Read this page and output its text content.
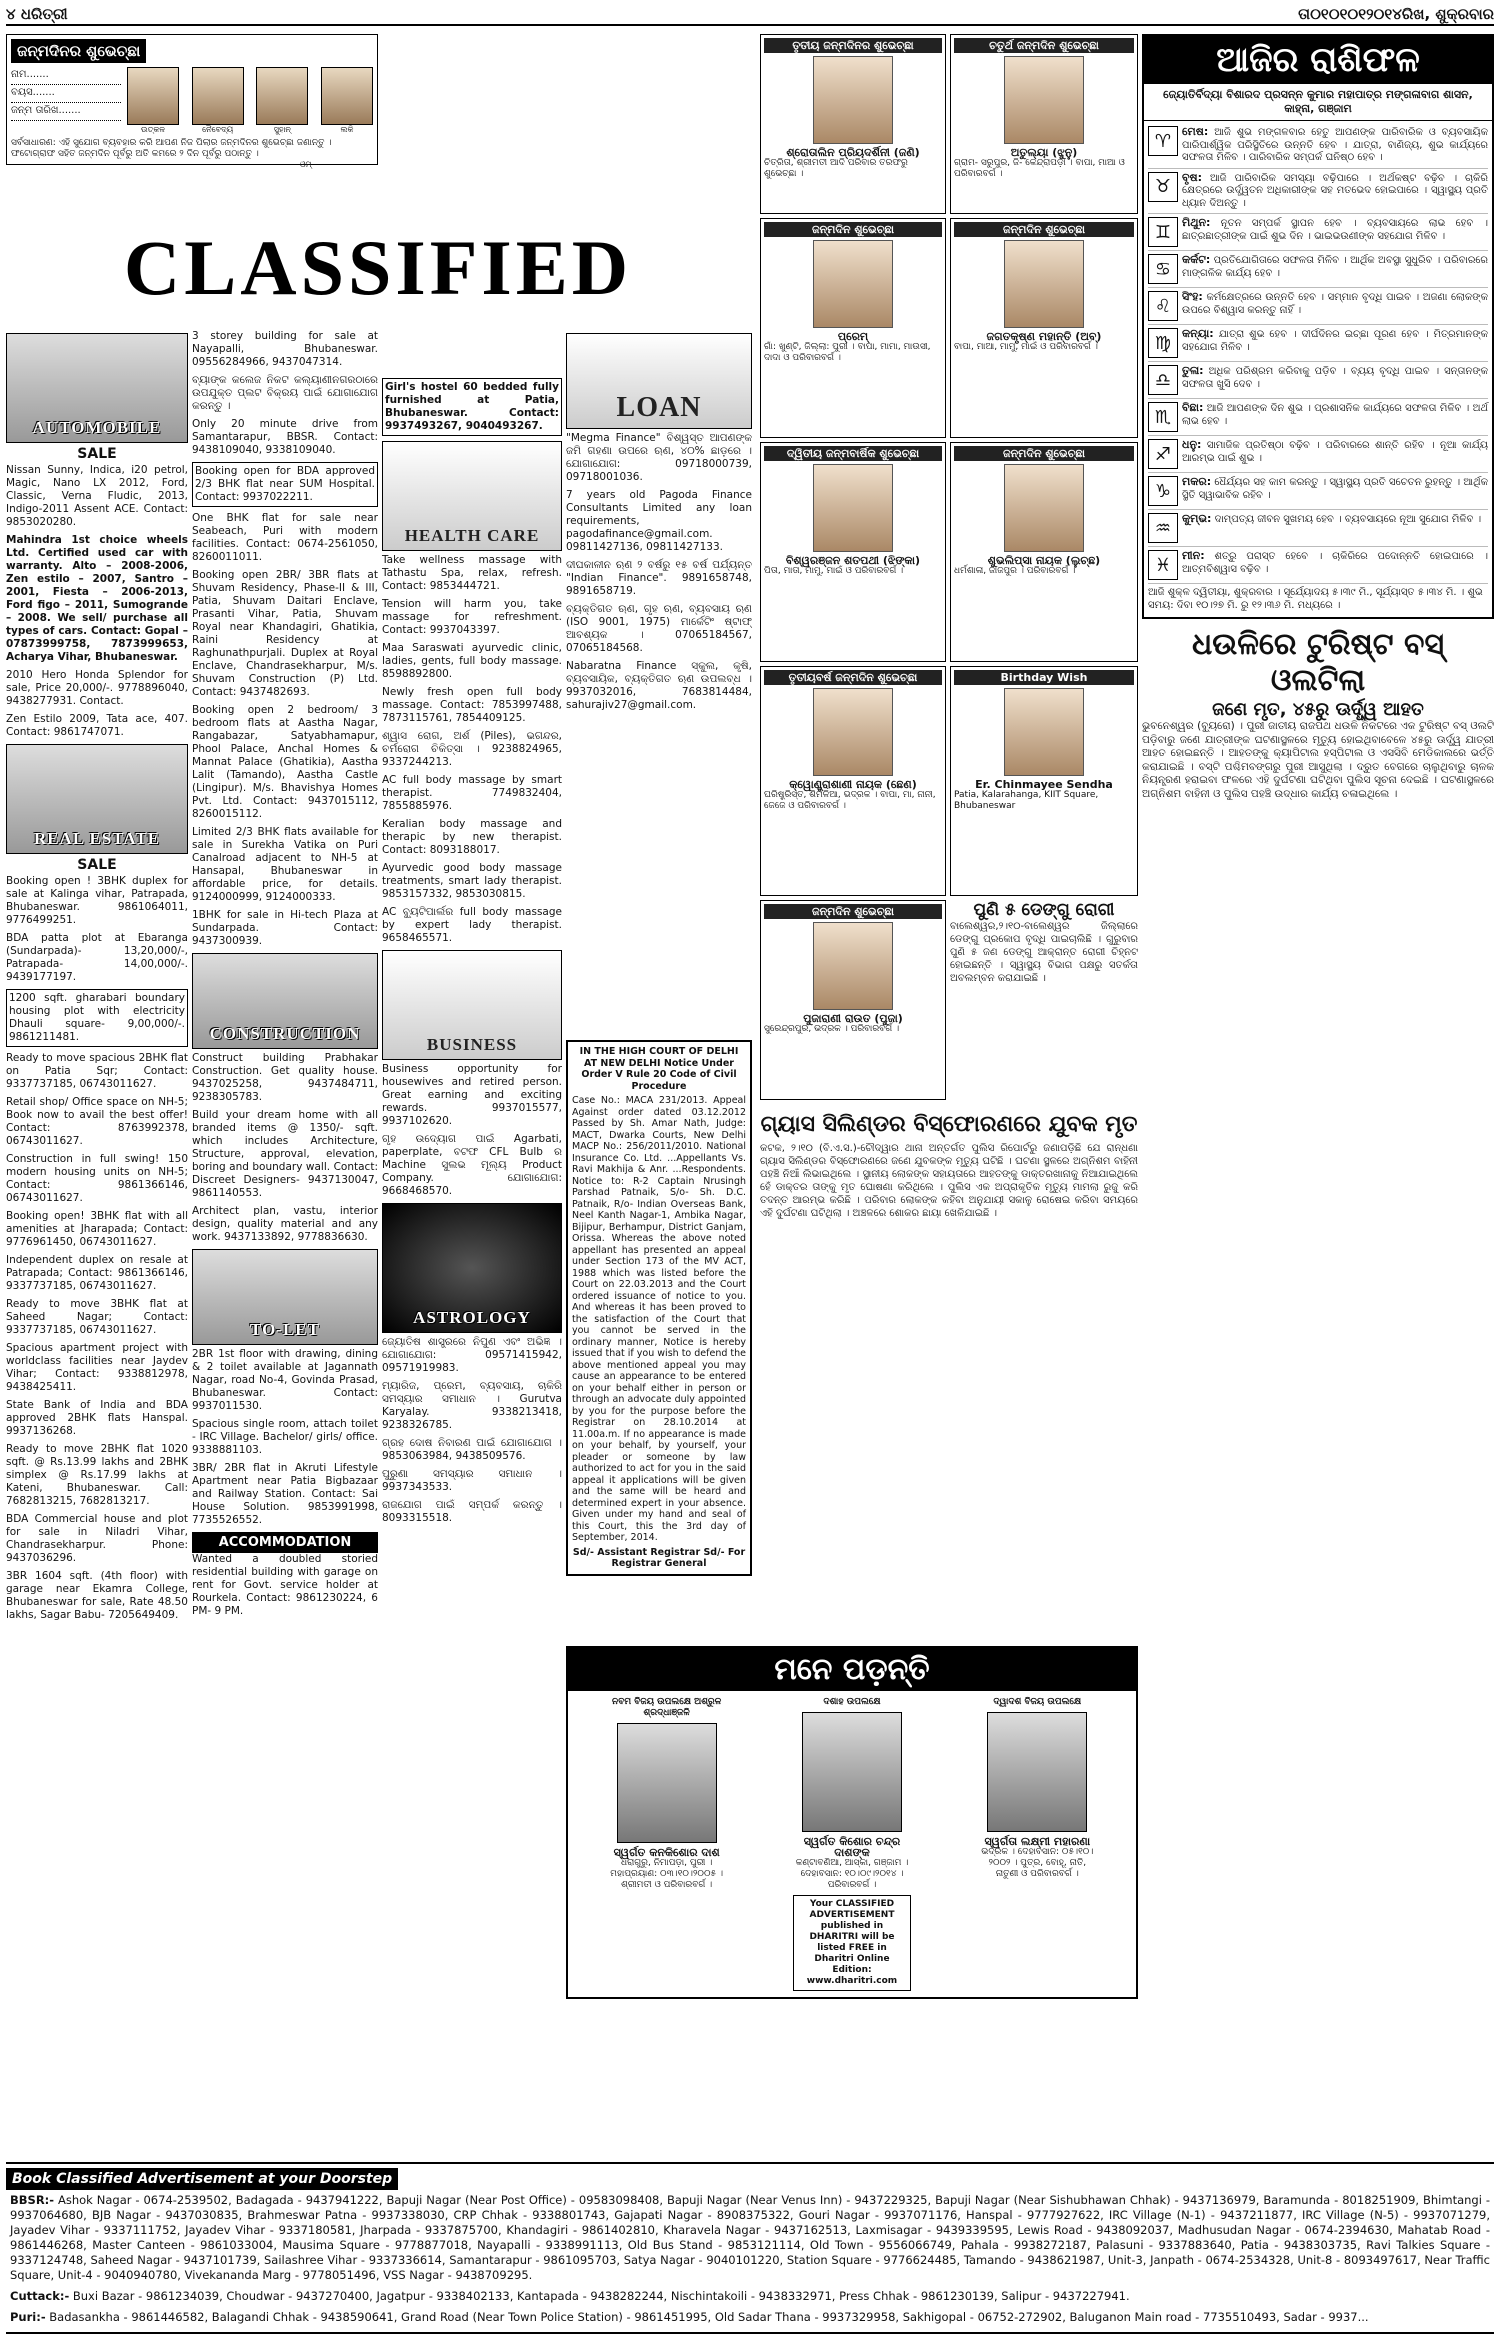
୪ ଧରିତ୍ରୀ	ତା୦୧୦୧୦୧୨୦୧୪ରିଖ, ଶୁକ୍ରବାର
ଜନ୍ମଦିନର ଶୁଭେଚ୍ଛା
ନାମ.......
ବୟସ.......
ଜନ୍ମ ତାରିଖ.......
ଉତ୍କଳ	ନୈବେଦ୍ୟ	ସୁହାନ୍	ଲକି
ସର୍ବସାଧାରଣ: ଏହି ସୁଯୋଗ ବ୍ୟବହାର କରି ଆପଣ ନିଜ ପିଲାର ଜନ୍ମଦିନର ଶୁଭେଚ୍ଛା ଜଣାନ୍ତୁ । ଫଟୋଗ୍ରାଫ ସହିତ ଜନ୍ମଦିନ ପୂର୍ବରୁ ଅତି କମରେ ୨ ଦିନ ପୂର୍ବରୁ ପଠାନ୍ତୁ ।
CLASSIFIED
ଓମ୍
AUTOMOBILE
SALE
Nissan Sunny, Indica, i20 petrol, Magic, Nano LX 2012, Ford, Classic, Verna Fludic, 2013, Indigo-2011 Assent ACE. Contact: 9853020280.
Mahindra 1st choice wheels Ltd. Certified used car with warranty. Alto – 2008-2006, Zen estilo – 2007, Santro – 2001, Fiesta – 2006-2013, Ford figo – 2011, Sumogrande – 2008. We sell/ purchase all types of cars. Contact: Gopal – 07873999758, 7873999653, Acharya Vihar, Bhubaneswar.
2010 Hero Honda Splendor for sale, Price 20,000/-. 9778896040, 9438277931. Contact.
Zen Estilo 2009, Tata ace, 407. Contact: 9861747071.
REAL ESTATE
SALE
Booking open ! 3BHK duplex for sale at Kalinga vihar, Patrapada, Bhubaneswar. 9861064011, 9776499251.
BDA patta plot at Ebaranga (Sundarpada)- 13,20,000/-, Patrapada- 14,00,000/-. 9439177197.
1200 sqft. gharabari boundary housing plot with electricity Dhauli square- 9,00,000/-. 9861211481.
Ready to move spacious 2BHK flat on Patia Sqr; Contact: 9337737185, 06743011627.
Retail shop/ Office space on NH-5; Book now to avail the best offer! Contact: 8763992378, 06743011627.
Construction in full swing! 150 modern housing units on NH-5; Contact: 9861366146, 06743011627.
Booking open! 3BHK flat with all amenities at Jharapada; Contact: 9776961450, 06743011627.
Independent duplex on resale at Patrapada; Contact: 9861366146, 9337737185, 06743011627.
Ready to move 3BHK flat at Saheed Nagar; Contact: 9337737185, 06743011627.
Spacious apartment project with worldclass facilities near Jaydev Vihar; Contact: 9338812978, 9438425411.
State Bank of India and BDA approved 2BHK flats Hanspal. 9937136268.
Ready to move 2BHK flat 1020 sqft. @ Rs.13.99 lakhs and 2BHK simplex @ Rs.17.99 lakhs at Kateni, Bhubaneswar. Call: 7682813215, 7682813217.
BDA Commercial house and plot for sale in Niladri Vihar, Chandrasekharpur. Phone: 9437036296.
3BR 1604 sqft. (4th floor) with garage near Ekamra College, Bhubaneswar for sale, Rate 48.50 lakhs, Sagar Babu- 7205649409.
3 storey building for sale at Nayapalli, Bhubaneswar. 09556284966, 9437047314.
ବ୍ୟାଙ୍କ କଲେଜ ନିକଟ କଲ୍ୟାଣୀନଗରଠାରେ ଉପଯୁକ୍ତ ପ୍ଲଟ ବିକ୍ରୟ ପାଇଁ ଯୋଗାଯୋଗ କରନ୍ତୁ ।
Only 20 minute drive from Samantarapur, BBSR. Contact: 9438109040, 9338109040.
Booking open for BDA approved 2/3 BHK flat near SUM Hospital. Contact: 9937022211.
One BHK flat for sale near Seabeach, Puri with modern facilities. Contact: 0674-2561050, 8260011011.
Booking open 2BR/ 3BR flats at Shuvam Residency, Phase-II & III, Patia, Shuvam Daitari Enclave, Prasanti Vihar, Patia, Shuvam Royal near Khandagiri, Ghatikia, Raini Residency at Raghunathpurjali. Duplex at Royal Enclave, Chandrasekharpur, M/s. Shuvam Construction (P) Ltd. Contact: 9437482693.
Booking open 2 bedroom/ 3 bedroom flats at Aastha Nagar, Rangabazar, Satyabhamapur, Phool Palace, Anchal Homes & Mannat Palace (Ghatikia), Aastha Lalit (Tamando), Aastha Castle (Lingipur). M/s. Bhavishya Homes Pvt. Ltd. Contact: 9437015112, 8260015112.
Limited 2/3 BHK flats available for sale in Surekha Vatika on Puri Canalroad adjacent to NH-5 at Hansapal, Bhubaneswar in affordable price, for details. 9124000999, 9124000333.
1BHK for sale in Hi-tech Plaza at Sundarpada. Contact: 9437300939.
CONSTRUCTION
Construct building Prabhakar Construction. Get quality house. 9437025258, 9437484711, 9238305783.
Build your dream home with all branded items @ 1350/- sqft. which includes Architecture, Structure, approval, elevation, boring and boundary wall. Contact: Discreet Designers- 9437130047, 9861140553.
Architect plan, vastu, interior design, quality material and any work. 9437133892, 9778836630.
TO-LET
2BR 1st floor with drawing, dining & 2 toilet available at Jagannath Nagar, road No-4, Govinda Prasad, Bhubaneswar. Contact: 9937011530.
Spacious single room, attach toilet - IRC Village. Bachelor/ girls/ office. 9338881103.
3BR/ 2BR flat in Akruti Lifestyle Apartment near Patia Bigbazaar and Railway Station. Contact: Sai House Solution. 9853991998, 7735526552.
ACCOMMODATION
Wanted a doubled storied residential building with garage on rent for Govt. service holder at Rourkela. Contact: 9861230224, 6 PM- 9 PM.
Girl's hostel 60 bedded fully furnished at Patia, Bhubaneswar. Contact: 9937493267, 9040493267.
HEALTH CARE
Take wellness massage with Tathastu Spa, relax, refresh. Contact: 9853444721.
Tension will harm you, take massage for refreshment. Contact: 9937043397.
Maa Saraswati ayurvedic clinic, ladies, gents, full body massage. 8598892800.
Newly fresh open full body massage. Contact: 7853997488, 7873115761, 7854409125.
ଶ୍ୱାସ ରୋଗ, ଅର୍ଶ (Piles), ଭଗନ୍ଦର, ଚର୍ମରୋଗ ଚିକିତ୍ସା । 9238824965, 9337244213.
AC full body massage by smart therapist. 7749832404, 7855885976.
Keralian body massage and therapic by new therapist. Contact: 8093188017.
Ayurvedic good body massage treatments, smart lady therapist. 9853157332, 9853030815.
AC ବ୍ୟୁଟିପାର୍ଲର full body massage by expert lady therapist. 9658465571.
BUSINESS
Business opportunity for housewives and retired person. Great earning and exciting rewards. 9937015577, 9937102620.
ଗୃହ ଉଦ୍ୟୋଗ ପାଇଁ Agarbati, paperplate, ବଟଫ CFL Bulb ର Machine ସୁଲଭ ମୂଲ୍ୟ Product Company. ଯୋଗାଯୋଗ: 9668468570.
ASTROLOGY
ଜ୍ୟୋତିଷ ଶାସ୍ତ୍ରରେ ନିପୁଣ ଏବଂ ଅଭିଜ୍ଞ । ଯୋଗାଯୋଗ: 09571415942, 09571919983.
ମ୍ୟାରିଜ, ପ୍ରେମ, ବ୍ୟବସାୟ, ଚାକିରି ସମସ୍ୟାର ସମାଧାନ । Gurutva Karyalay. 9338213418, 9238326785.
ଗ୍ରହ ଦୋଷ ନିବାରଣ ପାଇଁ ଯୋଗାଯୋଗ । 9853063984, 9438509576.
ପୁରୁଣା ସମସ୍ୟାର ସମାଧାନ । 9937343533.
ରାଜଯୋଗ ପାଇଁ ସମ୍ପର୍କ କରନ୍ତୁ । 8093315518.
LOAN
"Megma Finance" ବିଶ୍ୱସ୍ତ ଆପଣଙ୍କ ଜମି ଗହଣା ଉପରେ ଋଣ, ୪୦% ଛାଡ଼ରେ । ଯୋଗାଯୋଗ: 09718000739, 09718001036.
7 years old Pagoda Finance Consultants Limited any loan requirements, pagodafinance@gmail.com. 09811427136, 09811427133.
ଦୀଘକାଳୀନ ଋଣ ୨ ବର୍ଷରୁ ୧୫ ବର୍ଷ ପର୍ଯ୍ୟନ୍ତ "Indian Finance". 9891658748, 9891658719.
ବ୍ୟକ୍ତିଗତ ଋଣ, ଗୃହ ଋଣ, ବ୍ୟବସାୟ ଋଣ (ISO 9001, 1975) ମାର୍କେଟିଂ ଷ୍ଟାଫ୍ ଆବଶ୍ୟକ । 07065184567, 07065184568.
Nabaratna Finance ସ୍କୁଲ, କୃଷି, ବ୍ୟବସାୟିକ, ବ୍ୟକ୍ତିଗତ ଋଣ ଉପଲବ୍ଧ । 9937032016, 7683814484, sahurajiv27@gmail.com.
ତୃତୀୟ ଜନ୍ମଦିନର ଶୁଭେଚ୍ଛା
ଶ୍ରୋତାଲିନ ପ୍ରିୟଦର୍ଶିନୀ (ଜଣି)
ଚିତ୍ରିତା, ଶ୍ରୀମତୀ ଆଦି ପରିବାର ତରଫରୁ ଶୁଭେଚ୍ଛା ।
ଜନ୍ମଦିନ ଶୁଭେଚ୍ଛା
ପ୍ରେମ୍
ଗାଁ: ଖୁଣ୍ଟି, ଜିଲ୍ଲା: ପୁରୀ । ବାପା, ମାମା, ମାଉସୀ, ଦାଦା ଓ ପରିବାରବର୍ଗ ।
ଦ୍ୱିତୀୟ ଜନ୍ମବାର୍ଷିକ ଶୁଭେଚ୍ଛା
ବିଶ୍ୱରଞ୍ଜନ ଶତପଥୀ (ଝିଙ୍କା)
ପିତା, ମାତା, ମାମୁ, ମାଇଁ ଓ ପରିବାରବର୍ଗ ।
ତୃତୀୟବର୍ଷ ଜନ୍ମଦିନ ଶୁଭେଚ୍ଛା
କ୍ୱୋଣ୍ଡ୍ରାଶାଣୀ ନାୟକ (ଛେଣ)
ଘରିଷ୍ଟ୍ରିସ୍ତ, ଶିମଳିଆ, ଭଦ୍ରକ । ବାପା, ମା, ନାନୀ, ଜେଜେ ଓ ପରିବାରବର୍ଗ ।
IN THE HIGH COURT OF DELHI AT NEW DELHI Notice Under Order V Rule 20 Code of Civil Procedure
Case No.: MACA 231/2013. Appeal Against order dated 03.12.2012 Passed by Sh. Amar Nath, Judge: MACT, Dwarka Courts, New Delhi MACP No.: 256/2011/2010. National Insurance Co. Ltd. ...Appellants Vs. Ravi Makhija & Anr. ...Respondents. Notice to: R-2 Captain Nrusingh Parshad Patnaik, S/o- Sh. D.C. Patnaik, R/o- Indian Overseas Bank, Neel Kanth Nagar-1, Ambika Nagar, Bijipur, Berhampur, District Ganjam, Orissa. Whereas the above noted appellant has presented an appeal under Section 173 of the MV ACT, 1988 which was listed before the Court on 22.03.2013 and the Court ordered issuance of notice to you. And whereas it has been proved to the satisfaction of the Court that you cannot be served in the ordinary manner, Notice is hereby issued that if you wish to defend the above mentioned appeal you may cause an appearance to be entered on your behalf either in person or through an advocate duly appointed by you for the purpose before the Registrar on 28.10.2014 at 11.00a.m. If no appearance is made on your behalf, by yourself, your pleader or someone by law authorized to act for you in the said appeal it applications will be given and the same will be heard and determined expert in your absence. Given under my hand and seal of this Court, this the 3rd day of September, 2014.
Sd/- Assistant Registrar Sd/- For Registrar General
ଚତୁର୍ଥ ଜନ୍ମଦିନ ଶୁଭେଚ୍ଛା
ଅତୁଲ୍ୟା (ଝୁନୁ)
ଗ୍ରାମ- ସରୁପୁର, ଜି- କେନ୍ଦ୍ରାପଡ଼ା । ବାପା, ମାଆ ଓ ପରିବାରବର୍ଗ ।
ଜନ୍ମଦିନ ଶୁଭେଚ୍ଛା
ଜଗତକୃଷ୍ଣ ମହାନ୍ତି (ଅବ୍)
ବାପା, ମାଆ, ମାମୁ, ମାଇଁ ଓ ପରିବାରବର୍ଗ ।
ଜନ୍ମଦିନ ଶୁଭେଚ୍ଛା
ଶୁଭଲିପ୍ସା ନାୟକ (ଲୁଚ୍ଛ)
ଧର୍ମଶାଳା, ଜାଜପୁର । ପରିବାରବର୍ଗ ।
Birthday Wish
Er. Chinmayee Sendha
Patia, Kalarahanga, KIIT Square, Bhubaneswar
ଜନ୍ମଦିନ ଶୁଭେଚ୍ଛା
ପୁଜାରାଣୀ ରାଉତ (ପୁଜା)
ସୁରେନ୍ଦ୍ରପୁର, ଭଦ୍ରକ । ପରିବାରବର୍ଗ ।
ପୁଣି ୫ ଡେଙ୍ଗୁ ରୋଗୀ
ବାଲେଶ୍ୱର,୨।୧୦-ବାଲେଶ୍ୱର ଜିଲ୍ଲାରେ ଡେଙ୍ଗୁ ପ୍ରକୋପ ବୃଦ୍ଧି ପାଇଚାଲିଛି । ଗୁରୁବାର ପୁଣି ୫ ଜଣ ଡେଙ୍ଗୁ ଆକ୍ରାନ୍ତ ରୋଗୀ ଚିହ୍ନଟ ହୋଇଛନ୍ତି । ସ୍ୱାସ୍ଥ୍ୟ ବିଭାଗ ପକ୍ଷରୁ ସତର୍କତା ଅବଲମ୍ବନ କରାଯାଇଛି ।
ଗ୍ୟାସ ସିଲିଣ୍ଡର ବିସ୍ଫୋରଣରେ ଯୁବକ ମୃତ

କଟକ, ୨।୧୦ (ବି.ଏ.ସ.)-ଚୌଦ୍ୱାର ଥାନା ଅନ୍ତର୍ଗତ ପୁଲିସ ରିପୋର୍ଟରୁ ଜଣାପଡ଼ିଛି ଯେ ରାନ୍ଧଣା ଗ୍ୟାସ ସିଲିଣ୍ଡର ବିସ୍ଫୋରଣରେ ଜଣେ ଯୁବକଙ୍କ ମୃତ୍ୟୁ ଘଟିଛି । ଘଟଣା ସ୍ଥଳରେ ଅଗ୍ନିଶମ ବାହିନୀ ପହଞ୍ଚି ନିଆଁ ଲିଭାଇଥିଲେ । ସ୍ଥାନୀୟ ଲୋକଙ୍କ ସହାୟତାରେ ଆହତଙ୍କୁ ଡାକ୍ତରଖାନାକୁ ନିଆଯାଇଥିଲେ ହେଁ ଡାକ୍ତର ତାଙ୍କୁ ମୃତ ଘୋଷଣା କରିଥିଲେ । ପୁଲିସ ଏକ ଅପ୍ରାକୃତିକ ମୃତ୍ୟୁ ମାମଲା ରୁଜୁ କରି ତଦନ୍ତ ଆରମ୍ଭ କରିଛି । ପରିବାର ଲୋକଙ୍କ କହିବା ଅନୁଯାୟୀ ସକାଳୁ ରୋଷେଇ କରିବା ସମୟରେ ଏହି ଦୁର୍ଘଟଣା ଘଟିଥିଲା । ଅଞ୍ଚଳରେ ଶୋକର ଛାୟା ଖେଳିଯାଇଛି ।

ମନେ ପଡ଼ନ୍ତି
ନବମ ବିଜୟ ଉପଲକ୍ଷେ ଅଶ୍ରୁଳ ଶ୍ରଦ୍ଧାଞ୍ଜଳି
ସ୍ୱର୍ଗତ କନକିଶୋର ଦାଶ
ଧରାଗୁରୁ, ନିମାପଡ଼ା, ପୁରୀ । ମହାପ୍ରୟାଣ: ୦୩।୧୦।୨୦୦୫ । ଶ୍ରୀମତୀ ଓ ପରିବାରବର୍ଗ ।
ଦଶାହ ଉପଲକ୍ଷେ
ସ୍ୱର୍ଗତ କିଶୋର ଚନ୍ଦ୍ର ଦାଶଙ୍କ
କଣ୍ଟାବଣିଆ, ଆସ୍କା, ଗଞ୍ଜାମ । ଦେହାବସାନ: ୧୦।୦୯।୨୦୧୪ । ପରିବାରବର୍ଗ ।
Your CLASSIFIED ADVERTISEMENT published in DHARITRI will be listed FREE in Dharitri Online Edition: www.dharitri.com
ଦ୍ୱାଦଶ ବିଜୟ ଉପଲକ୍ଷେ
ସ୍ୱର୍ଗତା ଲକ୍ଷ୍ମୀ ମହାରଣା
ଭଦ୍ରକ । ଦେହାବସାନ: ୦୫।୧୦।୨୦୦୨ । ପୁତ୍ର, ବୋହୂ, ନାତି, ନାତୁଣୀ ଓ ପରିବାରବର୍ଗ ।
ଆଜିର ରାଶିଫଳ
ଜ୍ୟୋତିର୍ବିଦ୍ୟା ବିଶାରଦ ପ୍ରସନ୍ନ କୁମାର ମହାପାତ୍ର ମଙ୍ଗଳାବାଗ ଶାସନ, କାହ୍ନା, ଗଞ୍ଜାମ
♈ ମେଷ: ଆଜି ଶୁଭ ମଙ୍ଗଳବାର ହେତୁ ଆପଣଙ୍କ ପାରିବାରିକ ଓ ବ୍ୟବସାୟିକ ପାରିପାର୍ଶ୍ୱିକ ପରିସ୍ଥିତିରେ ଉନ୍ନତି ହେବ । ଯାତ୍ରା, ବାଣିଜ୍ୟ, ଶୁଭ କାର୍ଯ୍ୟରେ ସଫଳତା ମିଳିବ । ପାରିବାରିକ ସମ୍ପର୍କ ଘନିଷ୍ଠ ହେବ ।

♉ ବୃଷ: ଆଜି ପାରିବାରିକ ସମସ୍ୟା ବଢ଼ିପାରେ । ଅର୍ଥକଷ୍ଟ ବଢ଼ିବ । ଚାକିରି କ୍ଷେତ୍ରରେ ଉର୍ଦ୍ଧ୍ୱତନ ଅଧିକାରୀଙ୍କ ସହ ମତଭେଦ ହୋଇପାରେ । ସ୍ୱାସ୍ଥ୍ୟ ପ୍ରତି ଧ୍ୟାନ ଦିଅନ୍ତୁ ।

♊ ମିଥୁନ: ନୂତନ ସମ୍ପର୍କ ସ୍ଥାପନ ହେବ । ବ୍ୟବସାୟରେ ଲାଭ ହେବ । ଛାତ୍ରଛାତ୍ରୀଙ୍କ ପାଇଁ ଶୁଭ ଦିନ । ଭାଇଭଉଣୀଙ୍କ ସହଯୋଗ ମିଳିବ ।

♋ କର୍କଟ: ପ୍ରତିଯୋଗିତାରେ ସଫଳତା ମିଳିବ । ଆର୍ଥିକ ଅବସ୍ଥା ସୁଧୁରିବ । ପରିବାରରେ ମାଙ୍ଗଳିକ କାର୍ଯ୍ୟ ହେବ ।

♌ ସିଂହ: କର୍ମକ୍ଷେତ୍ରରେ ଉନ୍ନତି ହେବ । ସମ୍ମାନ ବୃଦ୍ଧି ପାଇବ । ଅଜଣା ଲୋକଙ୍କ ଉପରେ ବିଶ୍ୱାସ କରନ୍ତୁ ନାହିଁ ।

♍ କନ୍ୟା: ଯାତ୍ରା ଶୁଭ ହେବ । ଦୀର୍ଘଦିନର ଇଚ୍ଛା ପୂରଣ ହେବ । ମିତ୍ରମାନଙ୍କ ସହଯୋଗ ମିଳିବ ।

♎ ତୁଳା: ଅଧିକ ପରିଶ୍ରମ କରିବାକୁ ପଡ଼ିବ । ବ୍ୟୟ ବୃଦ୍ଧି ପାଇବ । ସନ୍ତାନଙ୍କ ସଫଳତା ଖୁସି ଦେବ ।

♏ ବିଛା: ଆଜି ଆପଣଙ୍କ ଦିନ ଶୁଭ । ପ୍ରଶାସନିକ କାର୍ଯ୍ୟରେ ସଫଳତା ମିଳିବ । ଅର୍ଥ ଲାଭ ହେବ ।

♐ ଧନୁ: ସାମାଜିକ ପ୍ରତିଷ୍ଠା ବଢ଼ିବ । ପରିବାରରେ ଶାନ୍ତି ରହିବ । ନୂଆ କାର୍ଯ୍ୟ ଆରମ୍ଭ ପାଇଁ ଶୁଭ ।

♑ ମକର: ଧୈର୍ଯ୍ୟର ସହ କାମ କରନ୍ତୁ । ସ୍ୱାସ୍ଥ୍ୟ ପ୍ରତି ସଚେତନ ରୁହନ୍ତୁ । ଆର୍ଥିକ ସ୍ଥିତି ସ୍ୱାଭାବିକ ରହିବ ।

♒ କୁମ୍ଭ: ଦାମ୍ପତ୍ୟ ଜୀବନ ସୁଖମୟ ହେବ । ବ୍ୟବସାୟରେ ନୂଆ ସୁଯୋଗ ମିଳିବ ।

♓ ମୀନ: ଶତ୍ରୁ ପରାସ୍ତ ହେବେ । ଚାକିରିରେ ପଦୋନ୍ନତି ହୋଇପାରେ । ଆତ୍ମବିଶ୍ୱାସ ବଢ଼ିବ ।

ଆଜି ଶୁକ୍ଳ ଦ୍ୱିତୀୟା, ଶୁକ୍ରବାର । ସୂର୍ଯ୍ୟୋଦୟ ୫।୩୯ ମି., ସୂର୍ଯ୍ୟାସ୍ତ ୫।୩୪ ମି. । ଶୁଭ ସମୟ: ଦିବା ୧୦।୨୭ ମି. ରୁ ୧୨।୩୬ ମି. ମଧ୍ୟରେ ।

ଧଉଳିରେ ଟୁରିଷ୍ଟ ବସ୍ ଓଲଟିଲା
ଜଣେ ମୃତ, ୪୫ରୁ ଊର୍ଦ୍ଧ୍ୱ ଆହତ

ଭୁବନେଶ୍ୱର (ବ୍ୟୁରୋ) । ପୁରୀ ଜାତୀୟ ରାଜପଥ ଧଉଳି ନିକଟରେ ଏକ ଟୁରିଷ୍ଟ ବସ୍ ଓଲଟି ପଡ଼ିବାରୁ ଜଣେ ଯାତ୍ରୀଙ୍କ ଘଟଣାସ୍ଥଳରେ ମୃତ୍ୟୁ ହୋଇଥିବାବେଳେ ୪୫ରୁ ଊର୍ଦ୍ଧ୍ୱ ଯାତ୍ରୀ ଆହତ ହୋଇଛନ୍ତି । ଆହତଙ୍କୁ କ୍ୟାପିଟାଲ ହସ୍ପିଟାଲ ଓ ଏସସିବି ମେଡିକାଲରେ ଭର୍ତ୍ତି କରାଯାଇଛି । ବସ୍‌ଟି ପଶ୍ଚିମବଙ୍ଗରୁ ପୁରୀ ଆସୁଥିଲା । ଦ୍ରୁତ ବେଗରେ ଚାଲୁଥିବାରୁ ଚାଳକ ନିୟନ୍ତ୍ରଣ ହରାଇବା ଫଳରେ ଏହି ଦୁର୍ଘଟଣା ଘଟିଥିବା ପୁଲିସ ସୂଚନା ଦେଇଛି । ଘଟଣାସ୍ଥଳରେ ଅଗ୍ନିଶମ ବାହିନୀ ଓ ପୁଲିସ ପହଞ୍ଚି ଉଦ୍ଧାର କାର୍ଯ୍ୟ ଚଳାଇଥିଲେ ।

Book Classified Advertisement at your Doorstep
BBSR:- Ashok Nagar - 0674-2539502, Badagada - 9437941222, Bapuji Nagar (Near Post Office) - 09583098408, Bapuji Nagar (Near Venus Inn) - 9437229325, Bapuji Nagar (Near Sishubhawan Chhak) - 9437136979, Baramunda - 8018251909, Bhimtangi - 9937064680, BJB Nagar - 9437030835, Brahmeswar Patna - 9937338030, CRP Chhak - 9338801743, Gajapati Nagar - 8908375322, Gouri Nagar - 9937071176, Hanspal - 9777927622, IRC Village (N-1) - 9437211877, IRC Village (N-5) - 9937071279, Jayadev Vihar - 9337111752, Jayadev Vihar - 9337180581, Jharpada - 9337875700, Khandagiri - 9861402810, Kharavela Nagar - 9437162513, Laxmisagar - 9439339595, Lewis Road - 9438092037, Madhusudan Nagar - 0674-2394630, Mahatab Road - 9861446268, Master Canteen - 9861033004, Mausima Square - 9778877018, Nayapalli - 9338991113, Old Bus Stand - 9853121114, Old Town - 9556066749, Pahala - 9938272187, Palasuni - 9337883640, Patia - 9438303735, Ravi Talkies Square - 9337124748, Saheed Nagar - 9437101739, Sailashree Vihar - 9337336614, Samantarapur - 9861095703, Satya Nagar - 9040101220, Station Square - 9776624485, Tamando - 9438621987, Unit-3, Janpath - 0674-2534328, Unit-8 - 8093497617, Near Traffic Square, Unit-4 - 9040940780, Vivekananda Marg - 9778051496, VSS Nagar - 9438709295.
Cuttack:- Buxi Bazar - 9861234039, Choudwar - 9437270400, Jagatpur - 9338402133, Kantapada - 9438282244, Nischintakoili - 9438332971, Press Chhak - 9861230139, Salipur - 9437227941.
Puri:- Badasankha - 9861446582, Balagandi Chhak - 9438590641, Grand Road (Near Town Police Station) - 9861451995, Old Sadar Thana - 9937329958, Sakhigopal - 06752-272902, Baluganon Main road - 7735510493, Sadar - 9937...
